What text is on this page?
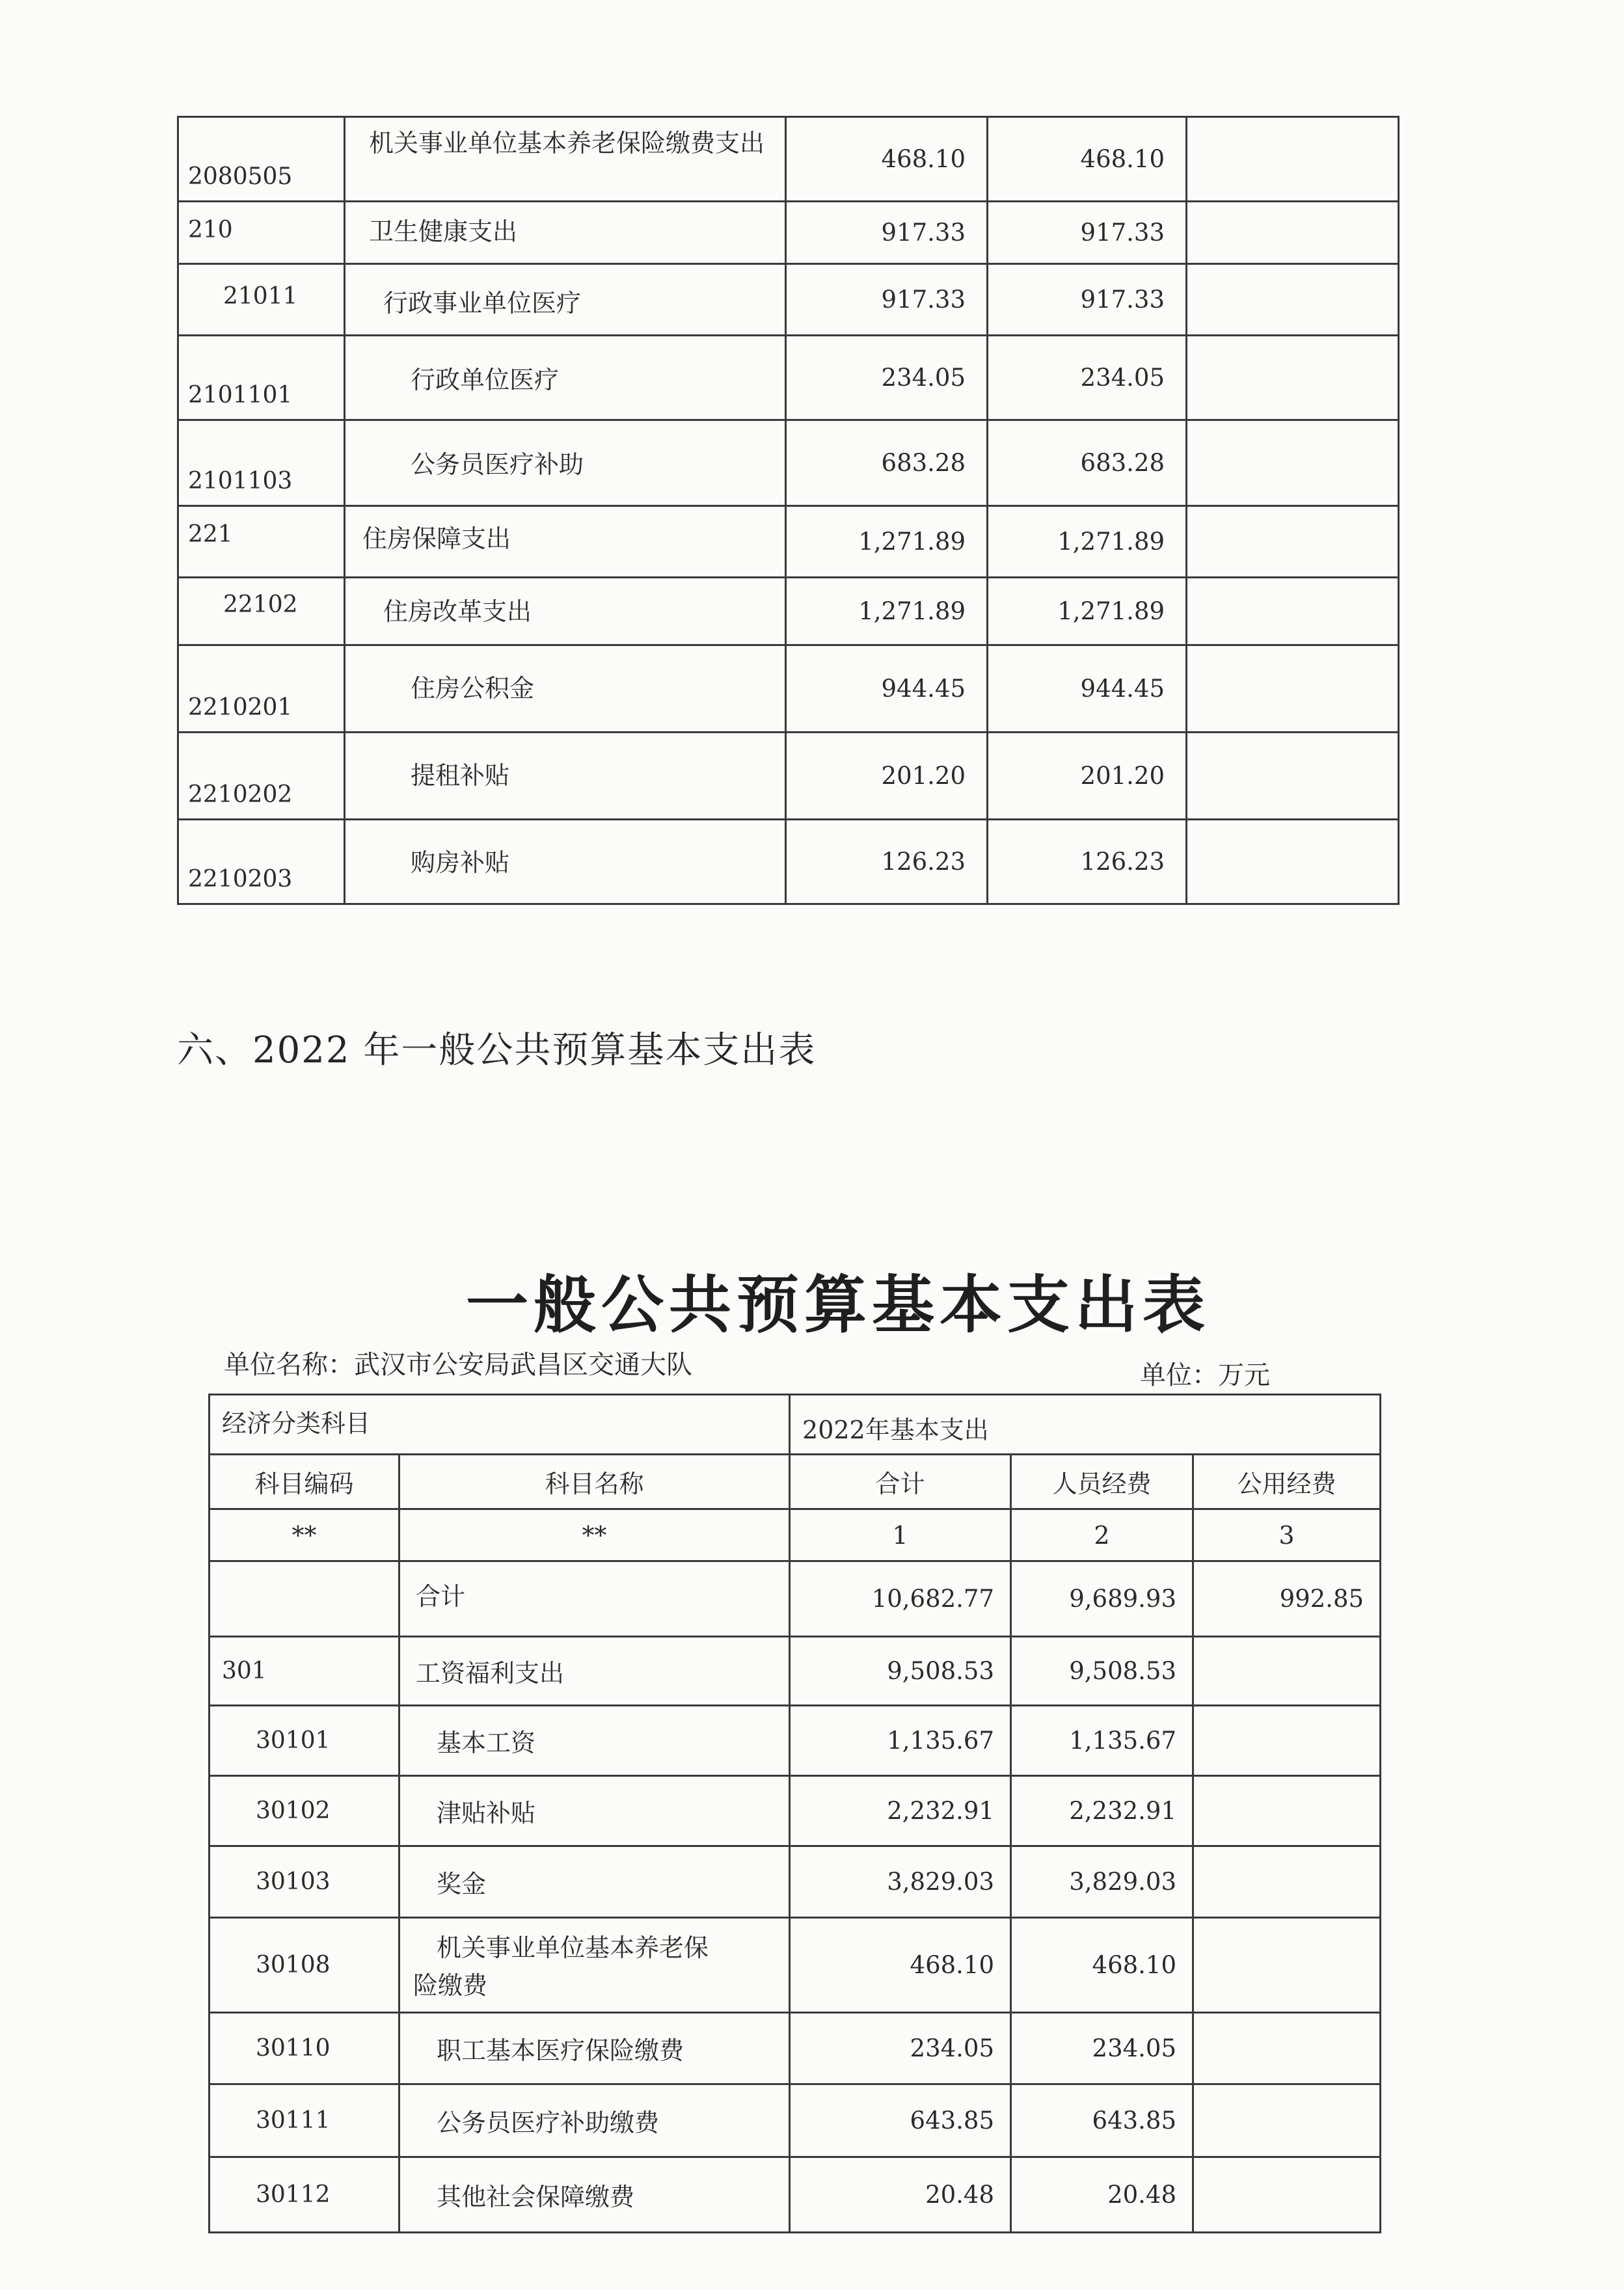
2080505	机关事业单位基本养老保险缴费支出	468.10	468.10	
210	卫生健康支出	917.33	917.33	
21011	行政事业单位医疗	917.33	917.33	
2101101	行政单位医疗	234.05	234.05	
2101103	公务员医疗补助	683.28	683.28	
221	住房保障支出	1,271.89	1,271.89	
22102	住房改革支出	1,271.89	1,271.89	
2210201	住房公积金	944.45	944.45	
2210202	提租补贴	201.20	201.20	
2210203	购房补贴	126.23	126.23	
六、2022 年一般公共预算基本支出表
一般公共预算基本支出表
单位名称：武汉市公安局武昌区交通大队	单位：万元
经济分类科目		2022年基本支出		
科目编码	科目名称	合计	人员经费	公用经费
**	**	1	2	3
	合计	10,682.77	9,689.93	992.85
301	工资福利支出	9,508.53	9,508.53	
30101	基本工资	1,135.67	1,135.67	
30102	津贴补贴	2,232.91	2,232.91	
30103	奖金	3,829.03	3,829.03	
30108	机关事业单位基本养老保险缴费	468.10	468.10	
30110	职工基本医疗保险缴费	234.05	234.05	
30111	公务员医疗补助缴费	643.85	643.85	
30112	其他社会保障缴费	20.48	20.48	
